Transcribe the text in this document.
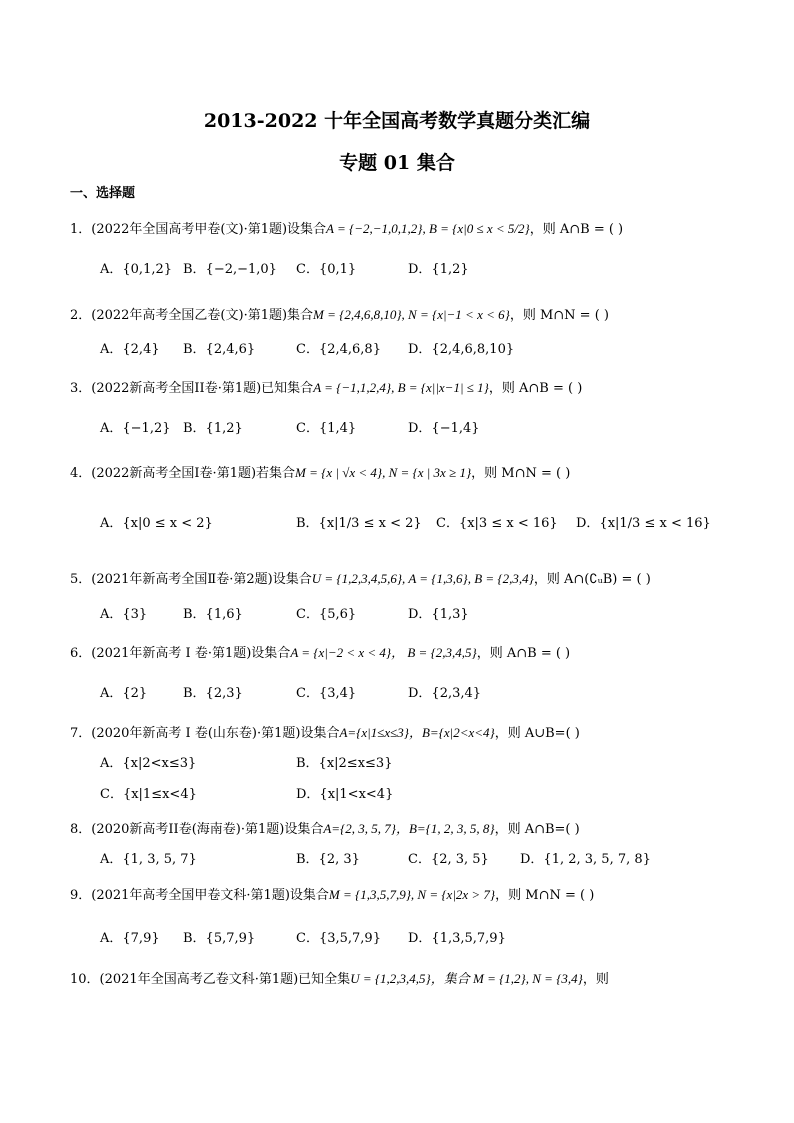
2013-2022 十年全国高考数学真题分类汇编
专题 01 集合
一、选择题
1．(2022年全国高考甲卷(文)·第1题)设集合A = {−2,−1,0,1,2}, B = {x|0 ≤ x < 5/2}，则 A∩B = ( )
A．{0,1,2} B．{−2,−1,0} C．{0,1}	D．{1,2}
2．(2022年高考全国乙卷(文)·第1题)集合M = {2,4,6,8,10}, N = {x|−1 < x < 6}，则 M∩N = ( )
A．{2,4} B．{2,4,6}	C．{2,4,6,8} D．{2,4,6,8,10}
3．(2022新高考全国II卷·第1题)已知集合A = {−1,1,2,4}, B = {x||x−1| ≤ 1}，则 A∩B = ( )
A．{−1,2} B．{1,2}	C．{1,4}	D．{−1,4}
4．(2022新高考全国I卷·第1题)若集合M = {x | √x < 4}, N = {x | 3x ≥ 1}，则 M∩N = ( )
A．{x|0 ≤ x < 2}	B．{x|1/3 ≤ x < 2} C．{x|3 ≤ x < 16} D．{x|1/3 ≤ x < 16}
5．(2021年新高考全国Ⅱ卷·第2题)设集合U = {1,2,3,4,5,6}, A = {1,3,6}, B = {2,3,4}，则 A∩(∁ᵤB) = ( )
A．{3}	B．{1,6}	C．{5,6}	D．{1,3}
6．(2021年新高考 I 卷·第1题)设集合A = {x|−2 < x < 4}， B = {2,3,4,5}，则 A∩B = ( )
A．{2}	B．{2,3}	C．{3,4}	D．{2,3,4}
7．(2020年新高考 I 卷(山东卷)·第1题)设集合A={x|1≤x≤3}，B={x|2<x<4}，则 A∪B=( )
A．{x|2<x≤3}	B．{x|2≤x≤3}
C．{x|1≤x<4}	D．{x|1<x<4}
8．(2020新高考II卷(海南卷)·第1题)设集合A={2, 3, 5, 7}，B={1, 2, 3, 5, 8}，则 A∩B=( )
A．{1, 3, 5, 7}	B．{2, 3}	C．{2, 3, 5} D．{1, 2, 3, 5, 7, 8}
9．(2021年高考全国甲卷文科·第1题)设集合M = {1,3,5,7,9}, N = {x|2x > 7}，则 M∩N = ( )
A．{7,9} B．{5,7,9}	C．{3,5,7,9} D．{1,3,5,7,9}
10．(2021年全国高考乙卷文科·第1题)已知全集U = {1,2,3,4,5}，集合 M = {1,2}, N = {3,4}，则
